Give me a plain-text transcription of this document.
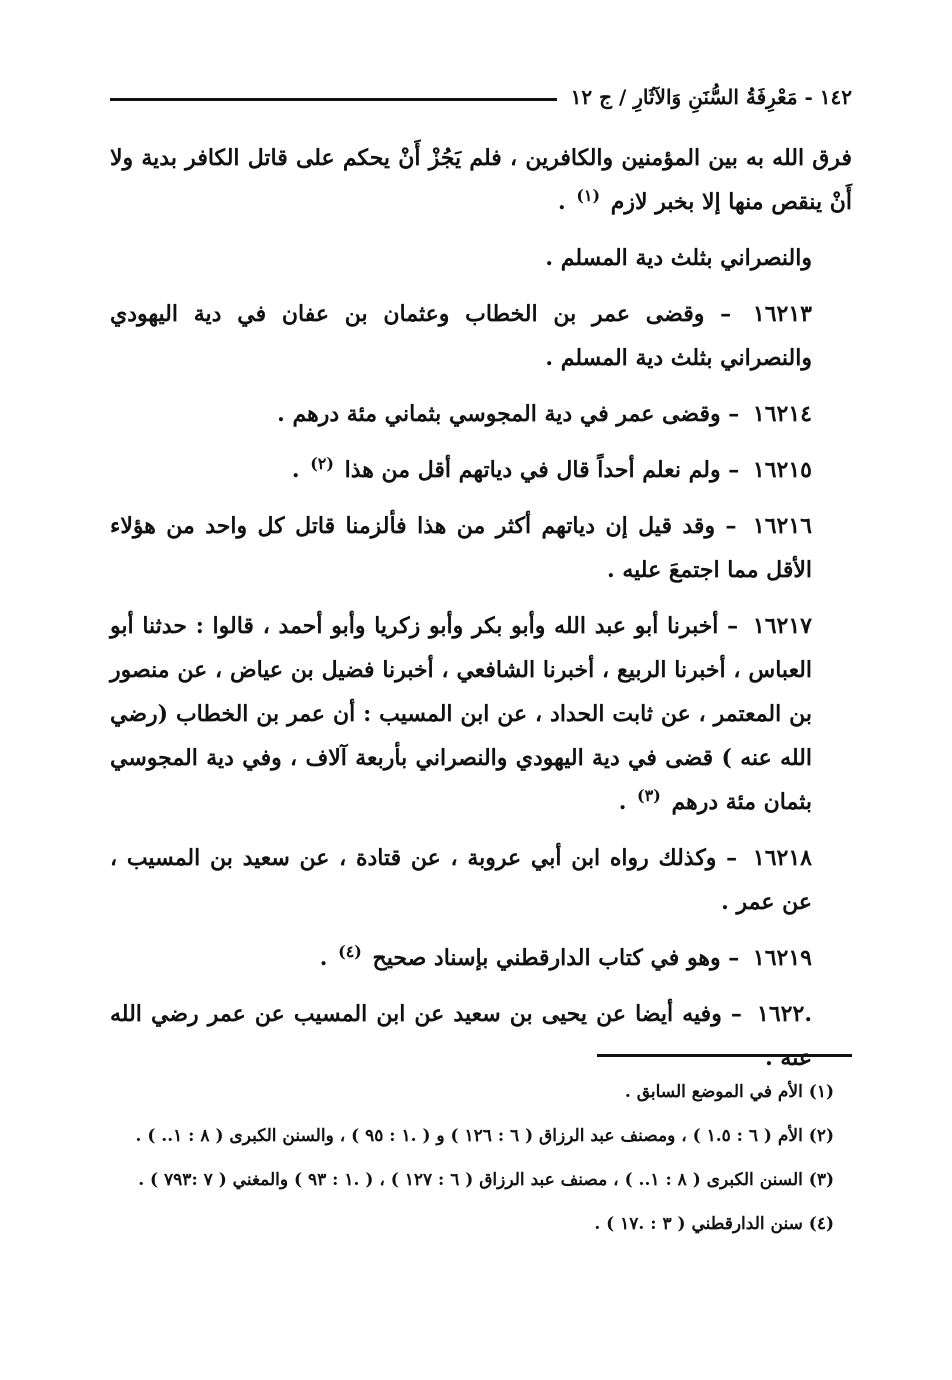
١٤٢ - مَعْرِفَةُ السُّنَنِ وَالآثَارِ / ج ١٢

فرق الله به بين المؤمنين والكافرين ، فلم يَجُزْ أَنْ يحكم على قاتل الكافر بدية ولا أَنْ ينقص منها إلا بخبر لازم $^{(١)}$ .

والنصراني بثلث دية المسلم .

١٦٢١٣ – وقضى عمر بن الخطاب وعثمان بن عفان في دية اليهودي والنصراني بثلث دية المسلم .

١٦٢١٤ – وقضى عمر في دية المجوسي بثماني مئة درهم .

١٦٢١٥ – ولم نعلم أحداً قال في دياتهم أقل من هذا $^{(٢)}$ .

١٦٢١٦ – وقد قيل إن دياتهم أكثر من هذا فألزمنا قاتل كل واحد من هؤلاء الأقل مما اجتمعَ عليه .

١٦٢١٧ – أخبرنا أبو عبد الله وأبو بكر وأبو زكريا وأبو أحمد ، قالوا : حدثنا أبو العباس ، أخبرنا الربيع ، أخبرنا الشافعي ، أخبرنا فضيل بن عياض ، عن منصور بن المعتمر ، عن ثابت الحداد ، عن ابن المسيب : أن عمر بن الخطاب (رضي الله عنه ) قضى في دية اليهودي والنصراني بأربعة آلاف ، وفي دية المجوسي بثمان مئة درهم $^{(٣)}$ .

١٦٢١٨ – وكذلك رواه ابن أبي عروبة ، عن قتادة ، عن سعيد بن المسيب ، عن عمر .

١٦٢١٩ – وهو في كتاب الدارقطني بإسناد صحيح $^{(٤)}$ .

.١٦٢٢ – وفيه أيضا عن يحيى بن سعيد عن ابن المسيب عن عمر رضي الله عنه .

(١) الأم في الموضع السابق .

(٢) الأم ( ٦ : ١.٥ ) ، ومصنف عبد الرزاق ( ٦ : ١٢٦ ) و ( .١ : ٩٥ ) ، والسنن الكبرى ( ٨ : ١.. ) .

(٣) السنن الكبرى ( ٨ : ١.. ) ، مصنف عبد الرزاق ( ٦ : ١٢٧ ) ، ( .١ : ٩٣ ) والمغني ( ٧ :٧٩٣ ) .

(٤) سنن الدارقطني ( ٣ : .١٧ ) .
